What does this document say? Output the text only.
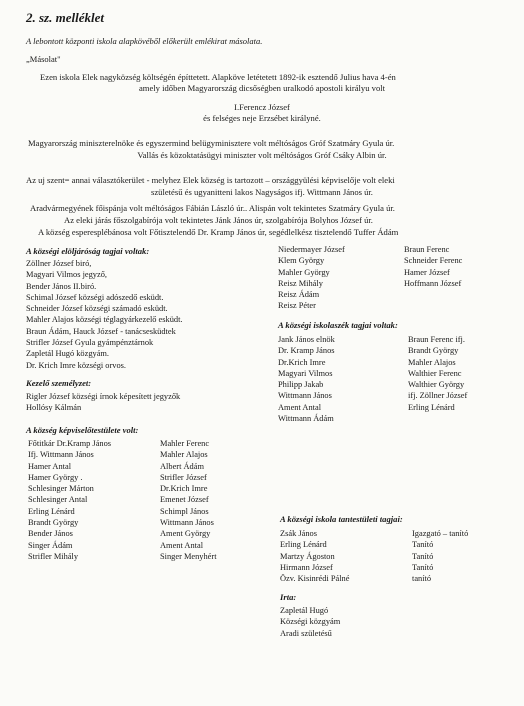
2. sz. melléklet
A lebontott központi iskola alapkövéből előkerült emlékirat másolata.
„Másolat"
Ezen iskola Elek nagyközség költségén építtetett. Alapköve letétetett 1892-ik esztendő Julius hava 4-én
amely időben Magyarország dicsőségben uralkodó apostoli királyu volt
I.Ferencz József
és felséges neje Erzsébet királyné.
Magyarország miniszterelnöke és egyszermind belügyminisztere volt méltóságos Gróf Szatmáry Gyula úr.
Vallás és közoktatásügyi miniszter volt méltóságos Gróf Csáky Albin úr.
Az uj szent= annai választókerület - melyhez Elek község is tartozott – országgyülési képviselője volt eleki
születésű és ugyanitteni lakos Nagyságos ifj. Wittmann János úr.
Aradvármegyének főispánja volt méltóságos Fábián László úr.. Alispán volt tekintetes Szatmáry Gyula úr.
Az eleki járás főszolgabírója volt tekintetes Jánk János úr, szolgabírója Bolyhos József úr.
A község esperesplébánosa volt Főtisztelendő Dr. Kramp János úr, segédlelkész tisztelendő Tuffer Ádám
A községi elöljáróság tagjai voltak:
Zöllner József biró,
Magyari Vilmos jegyző,
Bender János II.biró.
Schimal József községi adószedő esküdt.
Schneider József községi számadó esküdt.
Mahler Alajos községi téglagyárkezelő esküdt.
Braun Ádám, Hauck József - tanácsesküdtek
Strifler József Gyula gyámpénztárnok
Zapletál Hugó közgyám.
Dr. Krich Imre községi orvos.
Kezelő személyzet:
Rigler József községi írnok képesített jegyzők
Hollósy Kálmán
A község képviselőtestülete volt:
Főtitkár Dr.Kramp János
Ifj. Wittmann János
Hamer Antal
Hamer György .
Schlesinger Márton
Schlesinger Antal
Erling Lénárd
Brandt György
Bender János
Singer Ádám
Strifler Mihály
Mahler Ferenc
Mahler Alajos
Albert Ádám
Strifler József
Dr.Krich Imre
Emenet József
Schimpl János
Wittmann János
Ament György
Ament Antal
Singer Menyhért
Niedermayer József
Klem György
Mahler György
Reisz Mihály
Reisz Ádám
Reisz Péter
Braun Ferenc
Schneider Ferenc
Hamer József
Hoffmann József
A községi iskolaszék tagjai voltak:
Jank János elnök
Dr. Kramp János
Dr.Krich Imre
Magyari Vilmos
Philipp Jakab
Wittmann János
Ament Antal
Wittmann Ádám
Braun Ferenc ifj.
Brandt György
Mahler Alajos
Walthier Ferenc
Walthier György
ifj. Zöllner József
Erling Lénárd
A községi iskola tantestületi tagjai:
Zsák János
Erling Lénárd
Martzy Ágoston
Hirmann József
Özv. Kisinrédi Pálné
Igazgató – tanító
Tanító
Tanító
Tanító
tanító
Irta:
Zapletál Hugó
Községi közgyám
Aradi születésű
